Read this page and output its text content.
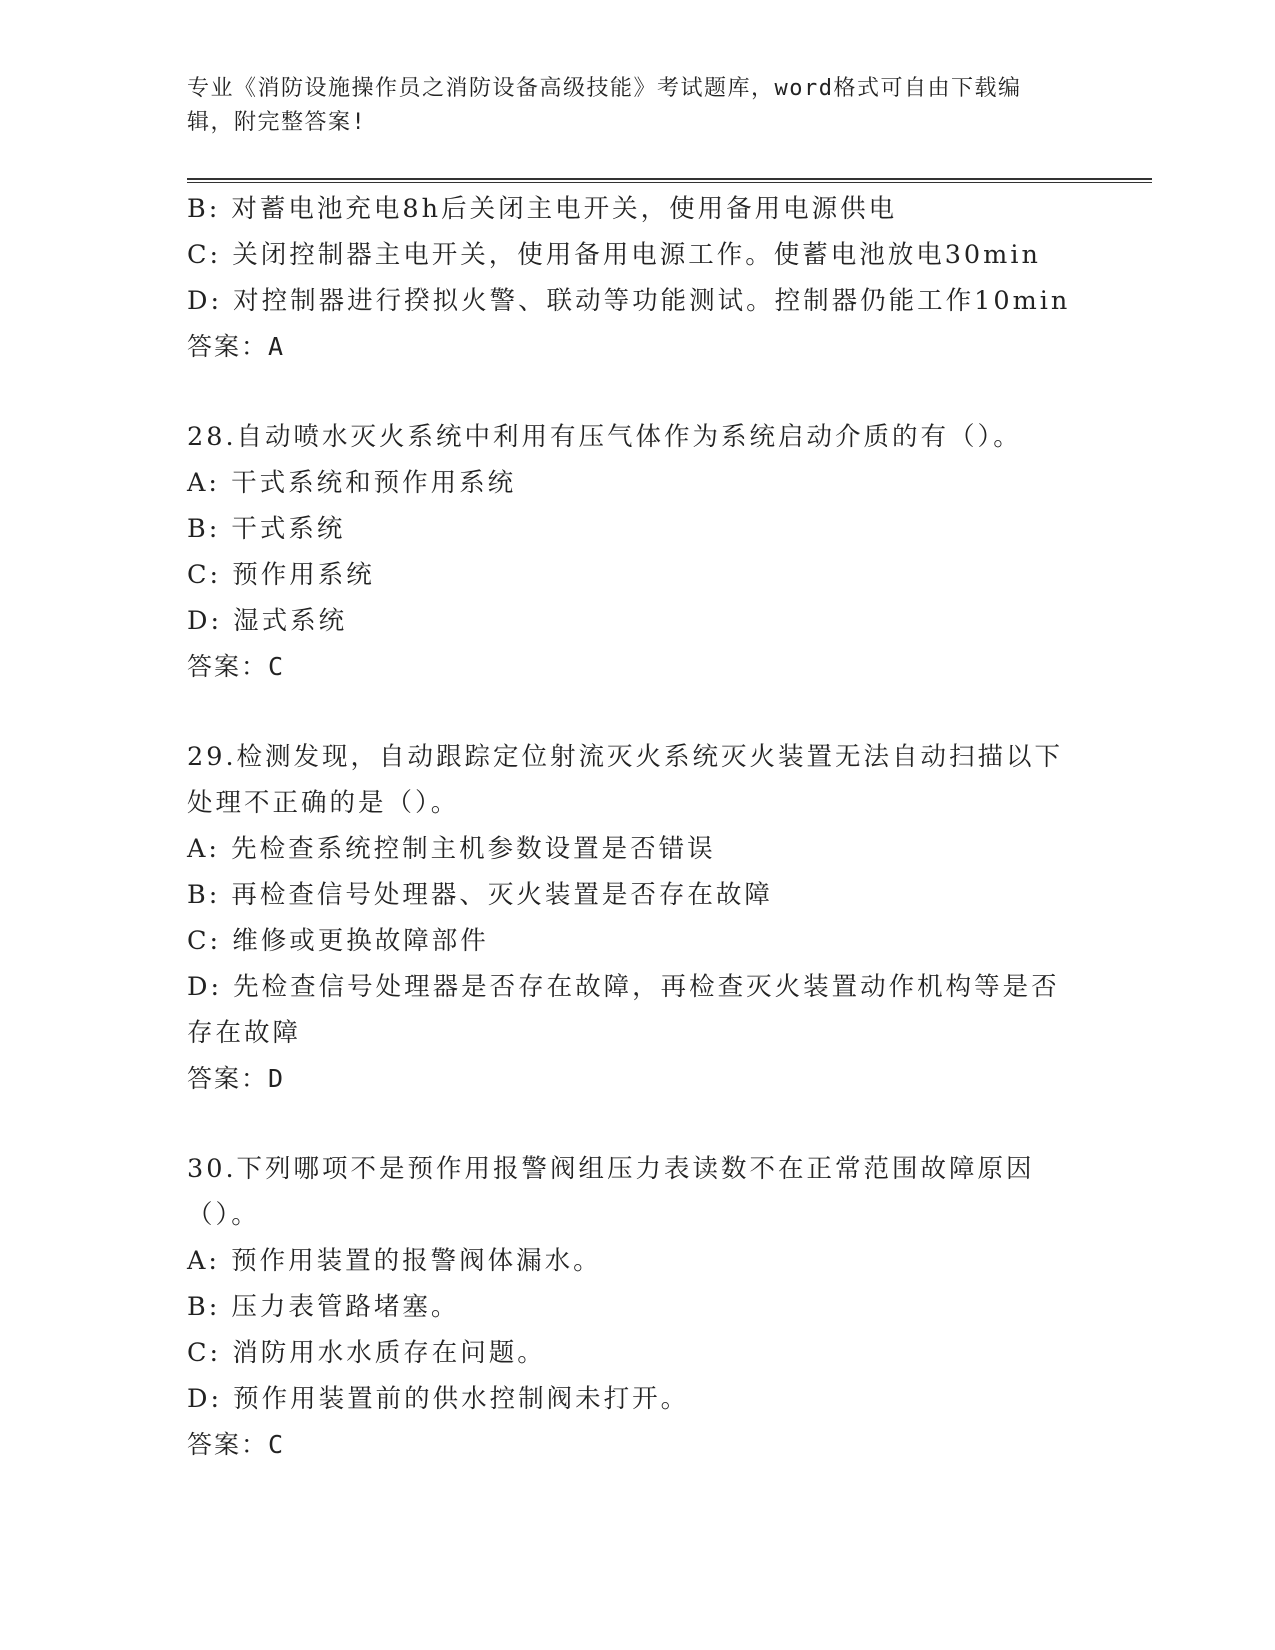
专业《消防设施操作员之消防设备高级技能》考试题库，word格式可自由下载编辑，附完整答案!
B: 对蓄电池充电8h后关闭主电开关，使用备用电源供电
C: 关闭控制器主电开关，使用备用电源工作。使蓄电池放电30min
D: 对控制器进行揆拟火警、联动等功能测试。控制器仍能工作10min
答案：A
28.自动喷水灭火系统中利用有压气体作为系统启动介质的有（）。
A: 干式系统和预作用系统
B: 干式系统
C: 预作用系统
D: 湿式系统
答案：C
29.检测发现，自动跟踪定位射流灭火系统灭火装置无法自动扫描以下处理不正确的是（）。
A: 先检查系统控制主机参数设置是否错误
B: 再检查信号处理器、灭火装置是否存在故障
C: 维修或更换故障部件
D: 先检查信号处理器是否存在故障，再检查灭火装置动作机构等是否存在故障
答案：D
30.下列哪项不是预作用报警阀组压力表读数不在正常范围故障原因（）。
A: 预作用装置的报警阀体漏水。
B: 压力表管路堵塞。
C: 消防用水水质存在问题。
D: 预作用装置前的供水控制阀未打开。
答案：C
